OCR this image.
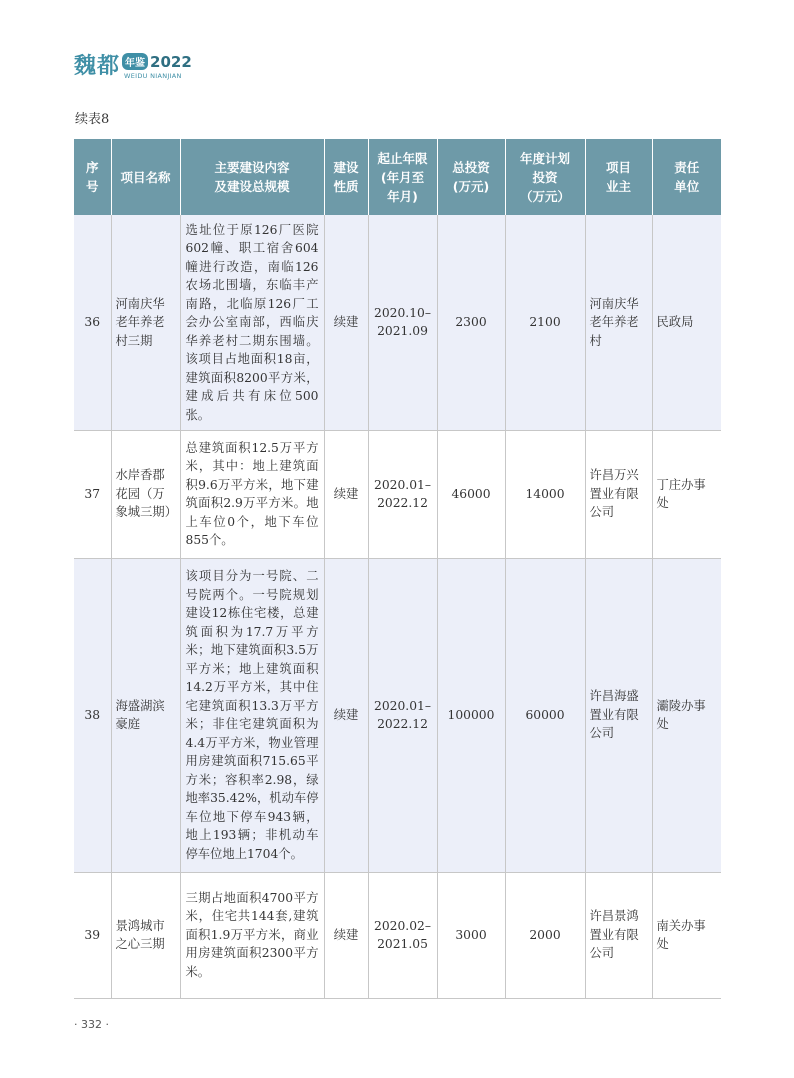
魏都 年鉴 2022
WEIDU NIANJIAN
续表8
序
号	项目名称	主要建设内容
及建设总规模	建设
性质	起止年限
(年月至
年月)	总投资
(万元)	年度计划
投资
（万元）	项目
业主	责任
单位
36	河南庆华老年养老村三期	选址位于原126厂医院602幢、职工宿舍604幢进行改造，南临126农场北围墙，东临丰产南路，北临原126厂工会办公室南部，西临庆华养老村二期东围墙。该项目占地面积18亩，建筑面积8200平方米，建成后共有床位500张。	续建	2020.10–
2021.09	2300	2100	河南庆华老年养老村	民政局
37	水岸香郡花园（万象城三期）	总建筑面积12.5万平方米，其中：地上建筑面积9.6万平方米，地下建筑面积2.9万平方米。地上车位0个，地下车位855个。	续建	2020.01–
2022.12	46000	14000	许昌万兴置业有限公司	丁庄办事处
38	海盛湖滨豪庭	该项目分为一号院、二号院两个。一号院规划建设12栋住宅楼，总建筑面积为17.7万平方米；地下建筑面积3.5万平方米；地上建筑面积14.2万平方米，其中住宅建筑面积13.3万平方米；非住宅建筑面积为4.4万平方米，物业管理用房建筑面积715.65平方米；容积率2.98，绿地率35.42%，机动车停车位地下停车943辆，地上193辆；非机动车停车位地上1704个。	续建	2020.01–
2022.12	100000	60000	许昌海盛置业有限公司	灞陵办事处
39	景鸿城市之心三期	三期占地面积4700平方米，住宅共144套,建筑面积1.9万平方米，商业用房建筑面积2300平方米。	续建	2020.02–
2021.05	3000	2000	许昌景鸿置业有限公司	南关办事处
· 332 ·
